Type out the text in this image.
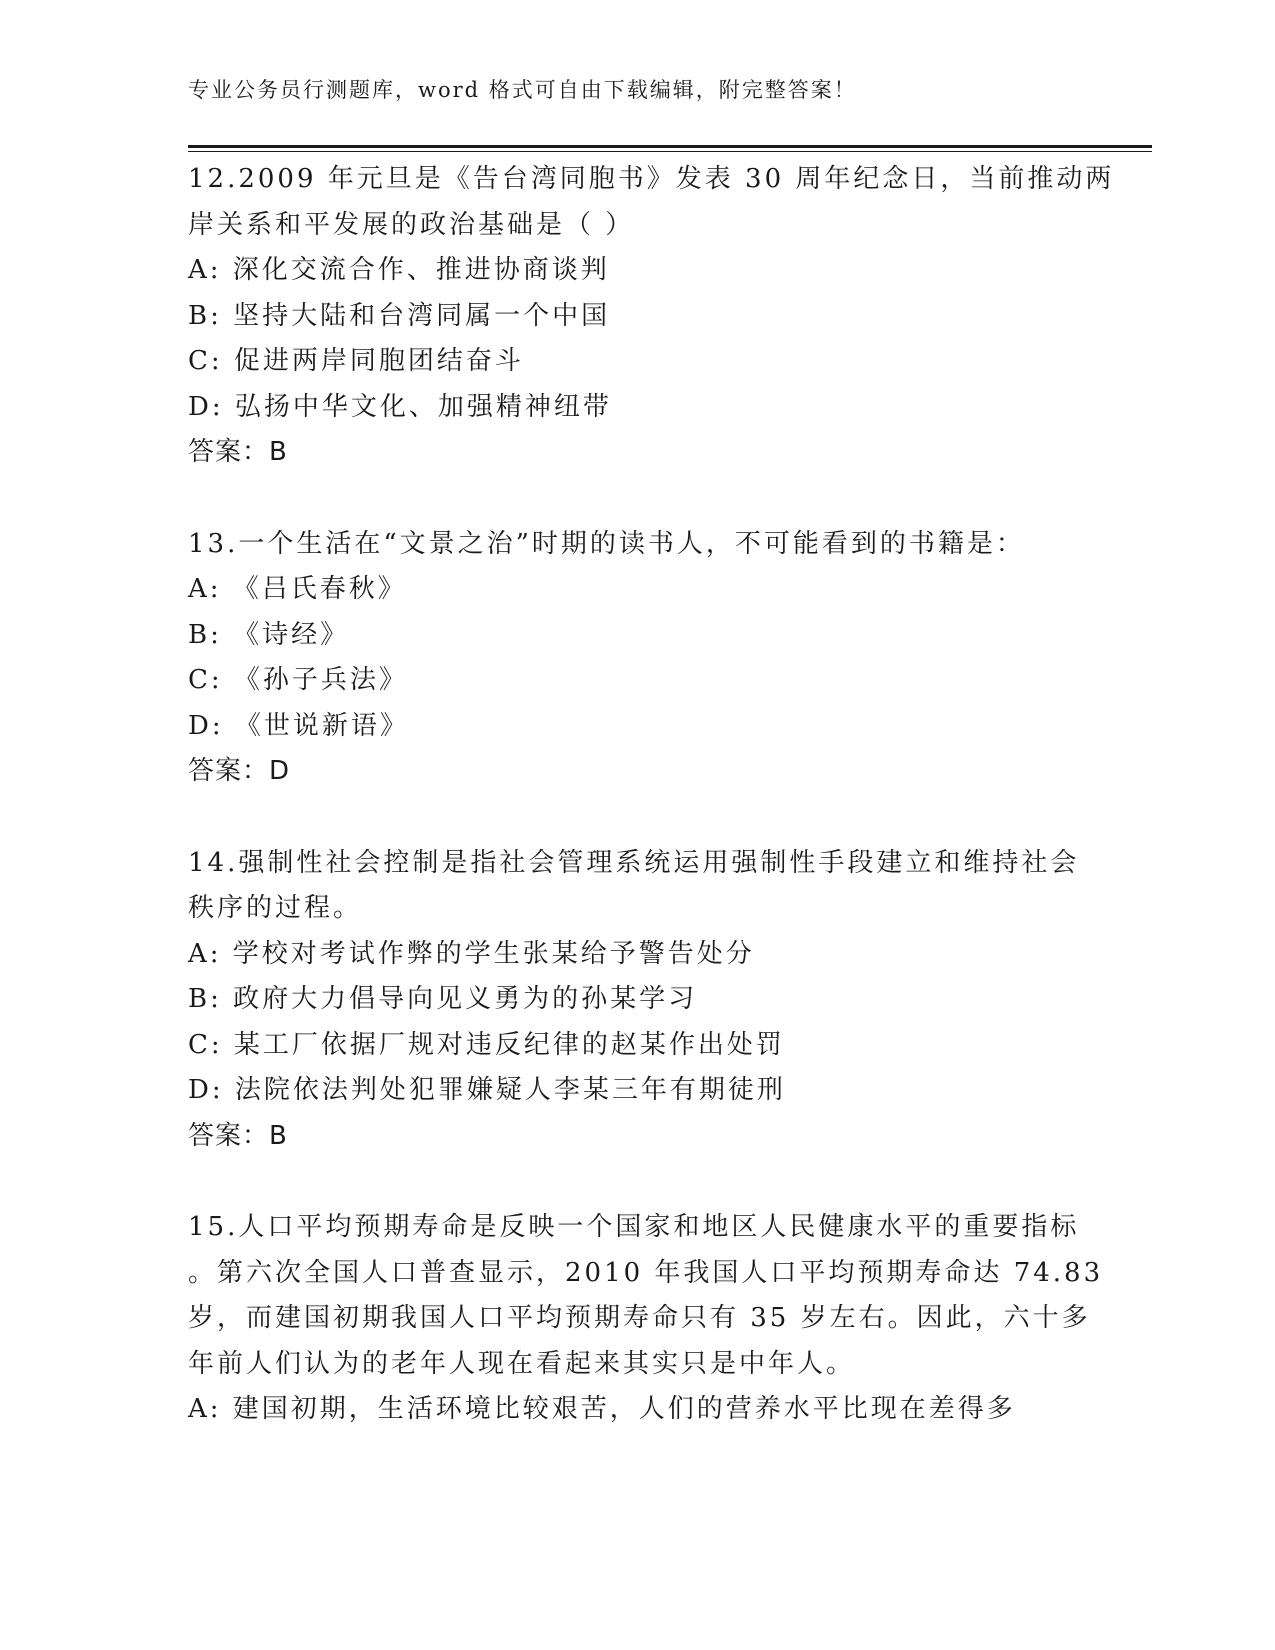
专业公务员行测题库，word 格式可自由下载编辑，附完整答案！
12.2009 年元旦是《告台湾同胞书》发表 30 周年纪念日，当前推动两
岸关系和平发展的政治基础是（ ）
A: 深化交流合作、推进协商谈判
B: 坚持大陆和台湾同属一个中国
C: 促进两岸同胞团结奋斗
D: 弘扬中华文化、加强精神纽带
答案：B
13.一个生活在“文景之治”时期的读书人，不可能看到的书籍是：
A: 《吕氏春秋》
B: 《诗经》
C: 《孙子兵法》
D: 《世说新语》
答案：D
14.强制性社会控制是指社会管理系统运用强制性手段建立和维持社会
秩序的过程。
A: 学校对考试作弊的学生张某给予警告处分
B: 政府大力倡导向见义勇为的孙某学习
C: 某工厂依据厂规对违反纪律的赵某作出处罚
D: 法院依法判处犯罪嫌疑人李某三年有期徒刑
答案：B
15.人口平均预期寿命是反映一个国家和地区人民健康水平的重要指标
。第六次全国人口普查显示，2010 年我国人口平均预期寿命达 74.83
岁，而建国初期我国人口平均预期寿命只有 35 岁左右。因此，六十多
年前人们认为的老年人现在看起来其实只是中年人。
A: 建国初期，生活环境比较艰苦，人们的营养水平比现在差得多
